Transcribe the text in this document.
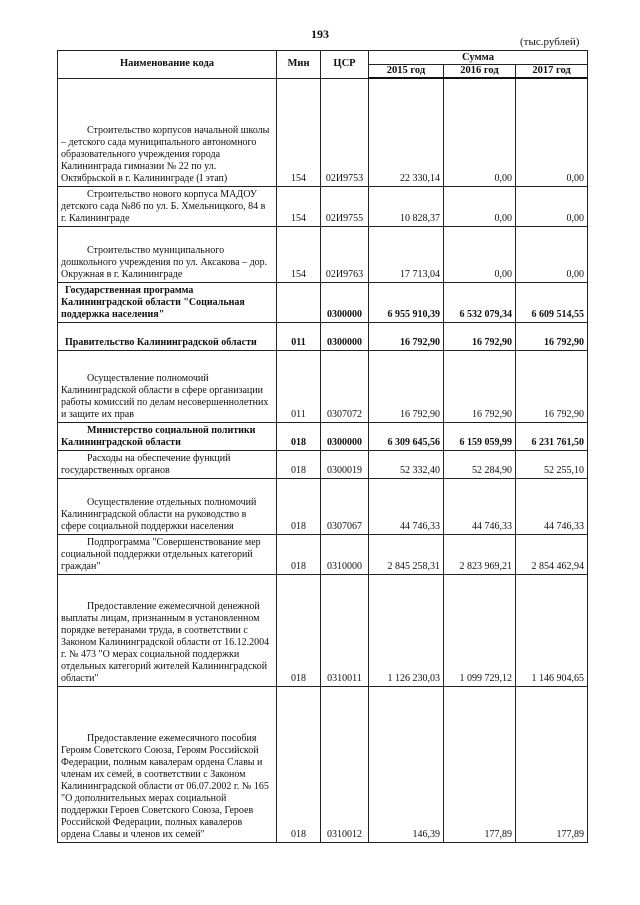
193
(тыс.рублей)
Наименование кода	Мин	ЦСР	Сумма		
			2015 год	2016 год	2017 год

Строительство корпусов начальной школы – детского сада муниципального автономного образовательного учреждения города Калининграда гимназии № 22 по ул. Октябрьской в г. Калининграде (I этап)	154	02И9753	22 330,14	0,00	0,00

Строительство нового корпуса МАДОУ детского сада №86 по ул. Б. Хмельницкого, 84 в г. Калининграде	154	02И9755	10 828,37	0,00	0,00

Строительство муниципального дошкольного учреждения по ул. Аксакова – дор. Окружная в г. Калининграде	154	02И9763	17 713,04	0,00	0,00

Государственная программа Калининградской области "Социальная поддержка населения"		0300000	6 955 910,39	6 532 079,34	6 609 514,55

Правительство Калининградской области	011	0300000	16 792,90	16 792,90	16 792,90

Осуществление полномочий Калининградской области в сфере организации работы комиссий по делам несовершеннолетних и защите их прав	011	0307072	16 792,90	16 792,90	16 792,90

Министерство социальной политики Калининградской области	018	0300000	6 309 645,56	6 159 059,99	6 231 761,50

Расходы на обеспечение функций государственных органов	018	0300019	52 332,40	52 284,90	52 255,10

Осуществление отдельных полномочий Калининградской области на руководство в сфере социальной поддержки населения	018	0307067	44 746,33	44 746,33	44 746,33

Подпрограмма "Совершенствование мер социальной поддержки отдельных категорий граждан"	018	0310000	2 845 258,31	2 823 969,21	2 854 462,94

Предоставление ежемесячной денежной выплаты лицам, признанным в установленном порядке ветеранами труда, в соответствии с Законом Калининградской области от 16.12.2004 г. № 473 "О мерах социальной поддержки отдельных категорий жителей Калининградской области"	018	0310011	1 126 230,03	1 099 729,12	1 146 904,65

Предоставление ежемесячного пособия Героям Советского Союза, Героям Российской Федерации, полным кавалерам ордена Славы и членам их семей, в соответствии с Законом Калининградской области от 06.07.2002 г. № 165 "О дополнительных мерах социальной поддержки Героев Советского Союза, Героев Российской Федерации, полных кавалеров ордена Славы и членов их семей"	018	0310012	146,39	177,89	177,89
